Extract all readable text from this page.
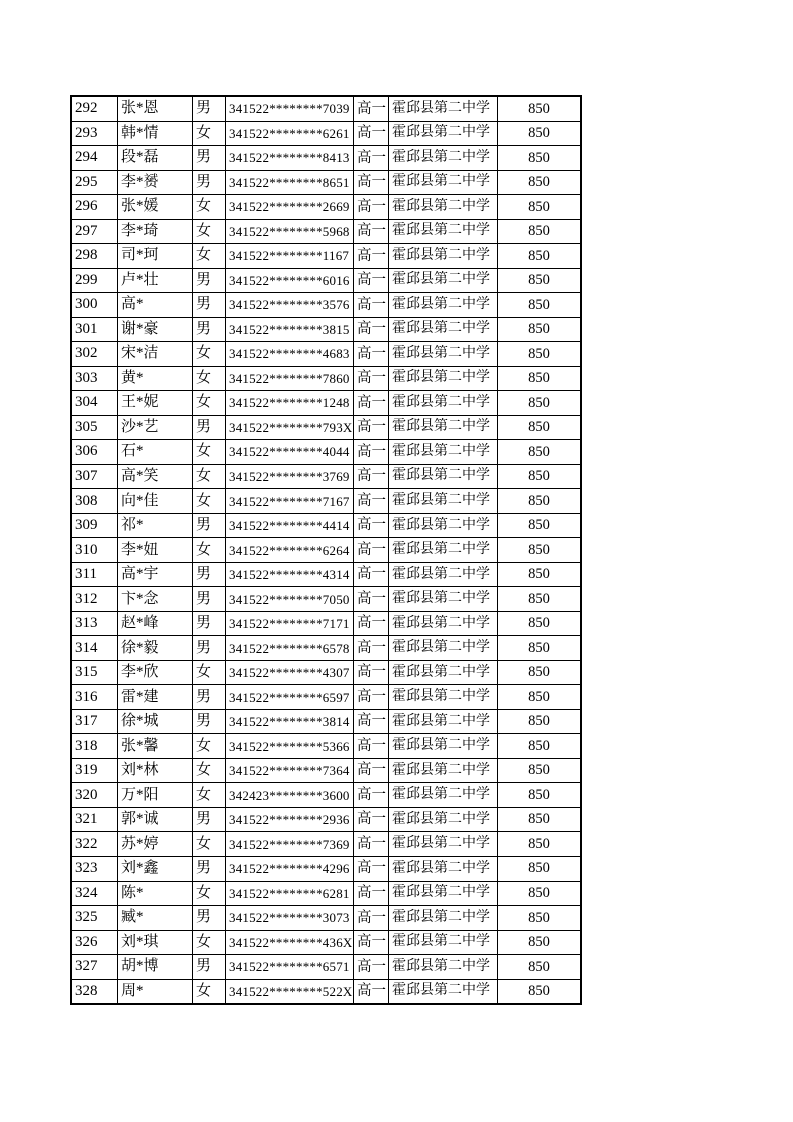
292	张*恩	男	341522********7039 高一 霍邱县第二中学	850
293	韩*情	女	341522********6261 高一 霍邱县第二中学	850
294	段*磊	男	341522********8413 高一 霍邱县第二中学	850
295	李*赟	男	341522********8651 高一 霍邱县第二中学	850
296	张*媛	女	341522********2669 高一 霍邱县第二中学	850
297	李*琦	女	341522********5968 高一 霍邱县第二中学	850
298	司*珂	女	341522********1167 高一 霍邱县第二中学	850
299	卢*壮	男	341522********6016 高一 霍邱县第二中学	850
300	高*	男	341522********3576 高一 霍邱县第二中学	850
301	谢*豪	男	341522********3815 高一 霍邱县第二中学	850
302	宋*洁	女	341522********4683 高一 霍邱县第二中学	850
303	黄*	女	341522********7860 高一 霍邱县第二中学	850
304	王*妮	女	341522********1248 高一 霍邱县第二中学	850
305	沙*艺	男	341522********793X 高一 霍邱县第二中学	850
306	石*	女	341522********4044 高一 霍邱县第二中学	850
307	高*笑	女	341522********3769 高一 霍邱县第二中学	850
308	向*佳	女	341522********7167 高一 霍邱县第二中学	850
309	祁*	男	341522********4414 高一 霍邱县第二中学	850
310	李*妞	女	341522********6264 高一 霍邱县第二中学	850
311	高*宇	男	341522********4314 高一 霍邱县第二中学	850
312	卞*念	男	341522********7050 高一 霍邱县第二中学	850
313	赵*峰	男	341522********7171 高一 霍邱县第二中学	850
314	徐*毅	男	341522********6578 高一 霍邱县第二中学	850
315	李*欣	女	341522********4307 高一 霍邱县第二中学	850
316	雷*建	男	341522********6597 高一 霍邱县第二中学	850
317	徐*城	男	341522********3814 高一 霍邱县第二中学	850
318	张*馨	女	341522********5366 高一 霍邱县第二中学	850
319	刘*林	女	341522********7364 高一 霍邱县第二中学	850
320	万*阳	女	342423********3600 高一 霍邱县第二中学	850
321	郭*诚	男	341522********2936 高一 霍邱县第二中学	850
322	苏*婷	女	341522********7369 高一 霍邱县第二中学	850
323	刘*鑫	男	341522********4296 高一 霍邱县第二中学	850
324	陈*	女	341522********6281 高一 霍邱县第二中学	850
325	臧*	男	341522********3073 高一 霍邱县第二中学	850
326	刘*琪	女	341522********436X 高一 霍邱县第二中学	850
327	胡*博	男	341522********6571 高一 霍邱县第二中学	850
328	周*	女	341522********522X 高一 霍邱县第二中学	850
